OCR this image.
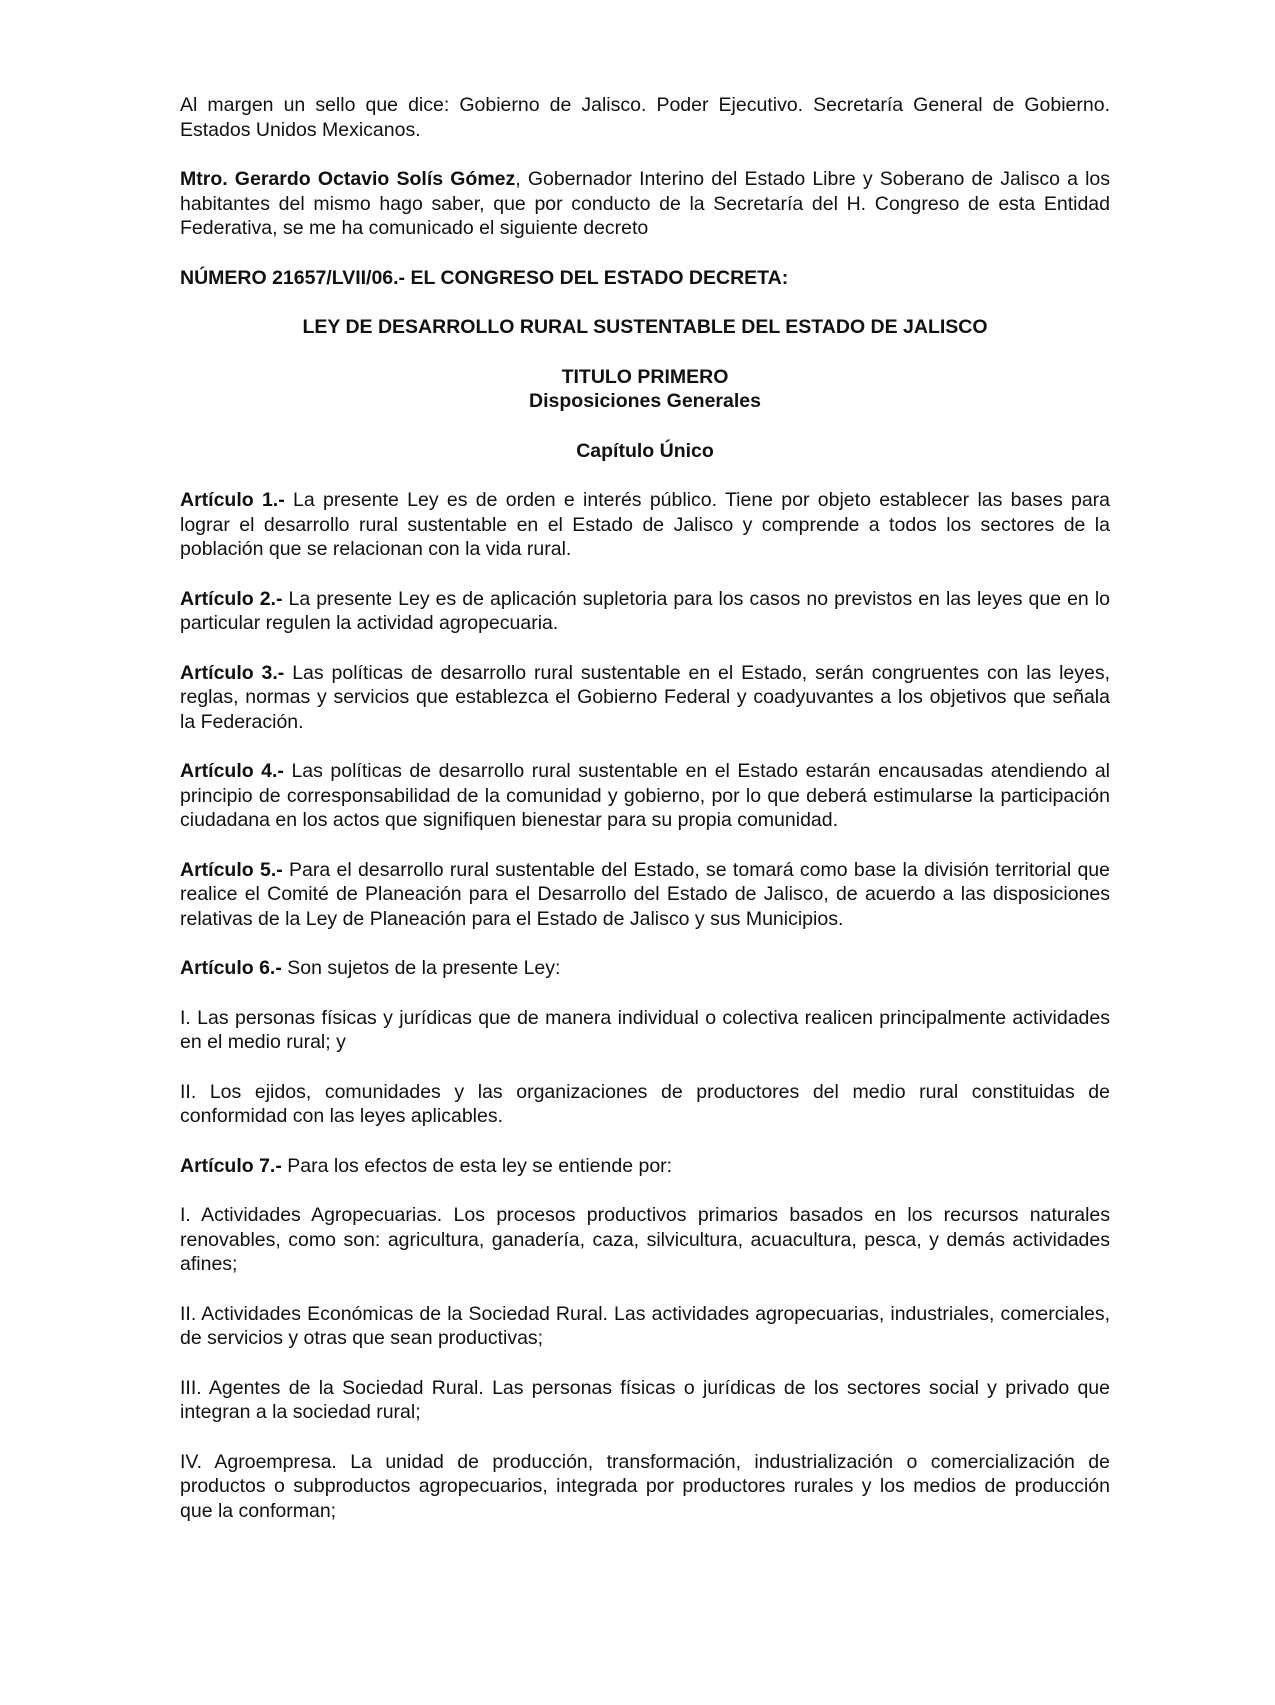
Al margen un sello que dice: Gobierno de Jalisco. Poder Ejecutivo. Secretaría General de Gobierno. Estados Unidos Mexicanos.

Mtro. Gerardo Octavio Solís Gómez, Gobernador Interino del Estado Libre y Soberano de Jalisco a los habitantes del mismo hago saber, que por conducto de la Secretaría del H. Congreso de esta Entidad Federativa, se me ha comunicado el siguiente decreto

NÚMERO 21657/LVII/06.- EL CONGRESO DEL ESTADO DECRETA:

LEY DE DESARROLLO RURAL SUSTENTABLE DEL ESTADO DE JALISCO

TITULO PRIMERO
Disposiciones Generales

Capítulo Único

Artículo 1.- La presente Ley es de orden e interés público. Tiene por objeto establecer las bases para lograr el desarrollo rural sustentable en el Estado de Jalisco y comprende a todos los sectores de la población que se relacionan con la vida rural.

Artículo 2.- La presente Ley es de aplicación supletoria para los casos no previstos en las leyes que en lo particular regulen la actividad agropecuaria.

Artículo 3.- Las políticas de desarrollo rural sustentable en el Estado, serán congruentes con las leyes, reglas, normas y servicios que establezca el Gobierno Federal y coadyuvantes a los objetivos que señala la Federación.

Artículo 4.- Las políticas de desarrollo rural sustentable en el Estado estarán encausadas atendiendo al principio de corresponsabilidad de la comunidad y gobierno, por lo que deberá estimularse la participación ciudadana en los actos que signifiquen bienestar para su propia comunidad.

Artículo 5.- Para el desarrollo rural sustentable del Estado, se tomará como base la división territorial que realice el Comité de Planeación para el Desarrollo del Estado de Jalisco, de acuerdo a las disposiciones relativas de la Ley de Planeación para el Estado de Jalisco y sus Municipios.

Artículo 6.- Son sujetos de la presente Ley:

I. Las personas físicas y jurídicas que de manera individual o colectiva realicen principalmente actividades en el medio rural; y

II. Los ejidos, comunidades y las organizaciones de productores del medio rural constituidas de conformidad con las leyes aplicables.

Artículo 7.- Para los efectos de esta ley se entiende por:

I. Actividades Agropecuarias. Los procesos productivos primarios basados en los recursos naturales renovables, como son: agricultura, ganadería, caza, silvicultura, acuacultura, pesca, y demás actividades afines;

II. Actividades Económicas de la Sociedad Rural. Las actividades agropecuarias, industriales, comerciales, de servicios y otras que sean productivas;

III. Agentes de la Sociedad Rural. Las personas físicas o jurídicas de los sectores social y privado que integran a la sociedad rural;

IV. Agroempresa. La unidad de producción, transformación, industrialización o comercialización de productos o subproductos agropecuarios, integrada por productores rurales y los medios de producción que la conforman;
